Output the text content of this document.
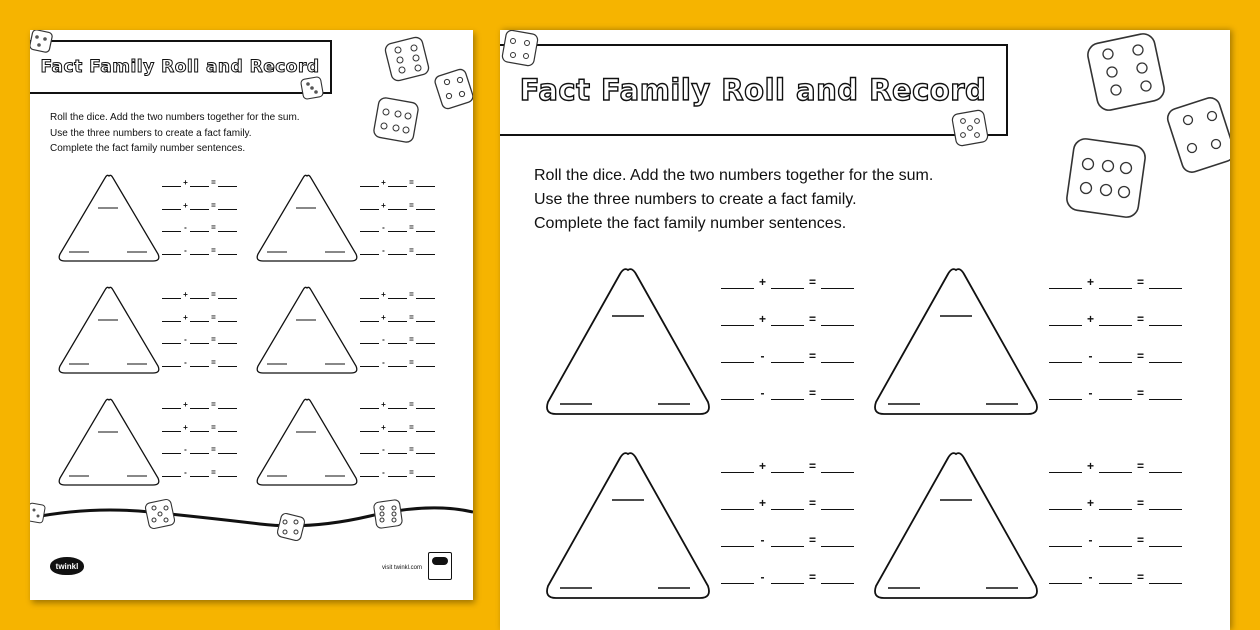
Fact Family Roll and Record
Roll the dice. Add the two numbers together for the sum.
Use the three numbers to create a fact family.
Complete the fact family number sentences.
+	=
+	=
-	=
-	=
+	=
+	=
-	=
-	=
+	=
+	=
-	=
-	=
+	=
+	=
-	=
-	=
+	=
+	=
-	=
-	=
+	=
+	=
-	=
-	=
twinkl	visit twinkl.com
Fact Family Roll and Record
Roll the dice. Add the two numbers together for the sum.
Use the three numbers to create a fact family.
Complete the fact family number sentences.
+	=
+	=
-	=
-	=
+	=
+	=
-	=
-	=
+	=
+	=
-	=
-	=
+	=
+	=
-	=
-	=
